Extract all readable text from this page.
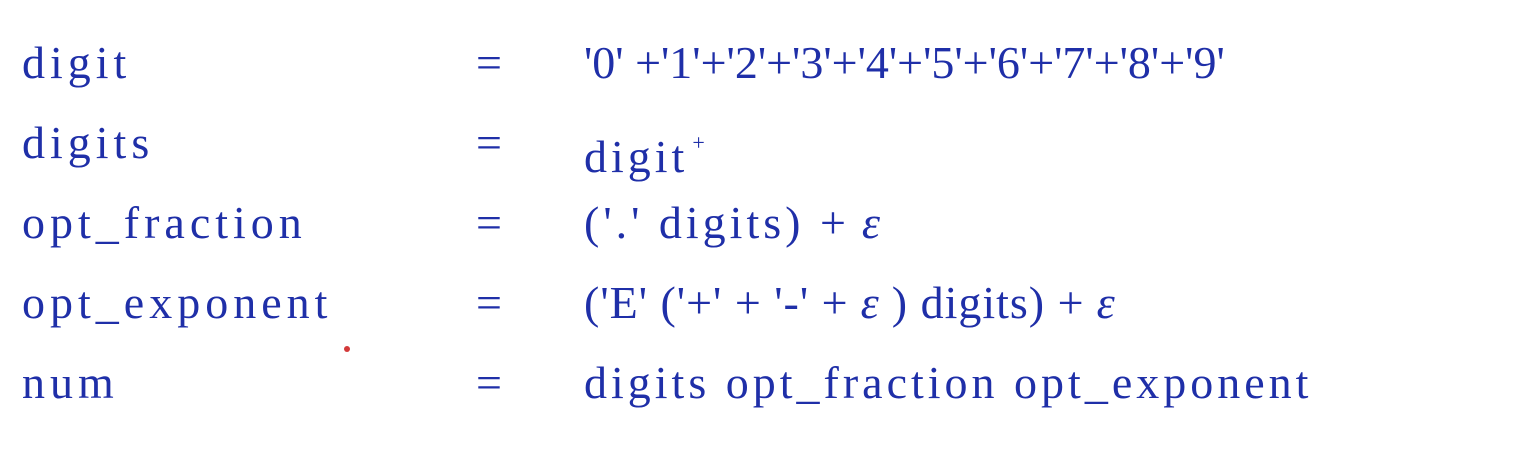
digit	= '0' +'1'+'2'+'3'+'4'+'5'+'6'+'7'+'8'+'9'
digits	= digit +
opt_fraction	= ('.' digits) + ε
opt_exponent	= ('E' ('+' + '-' + ε ) digits) + ε
num	= digits opt_fraction opt_exponent
